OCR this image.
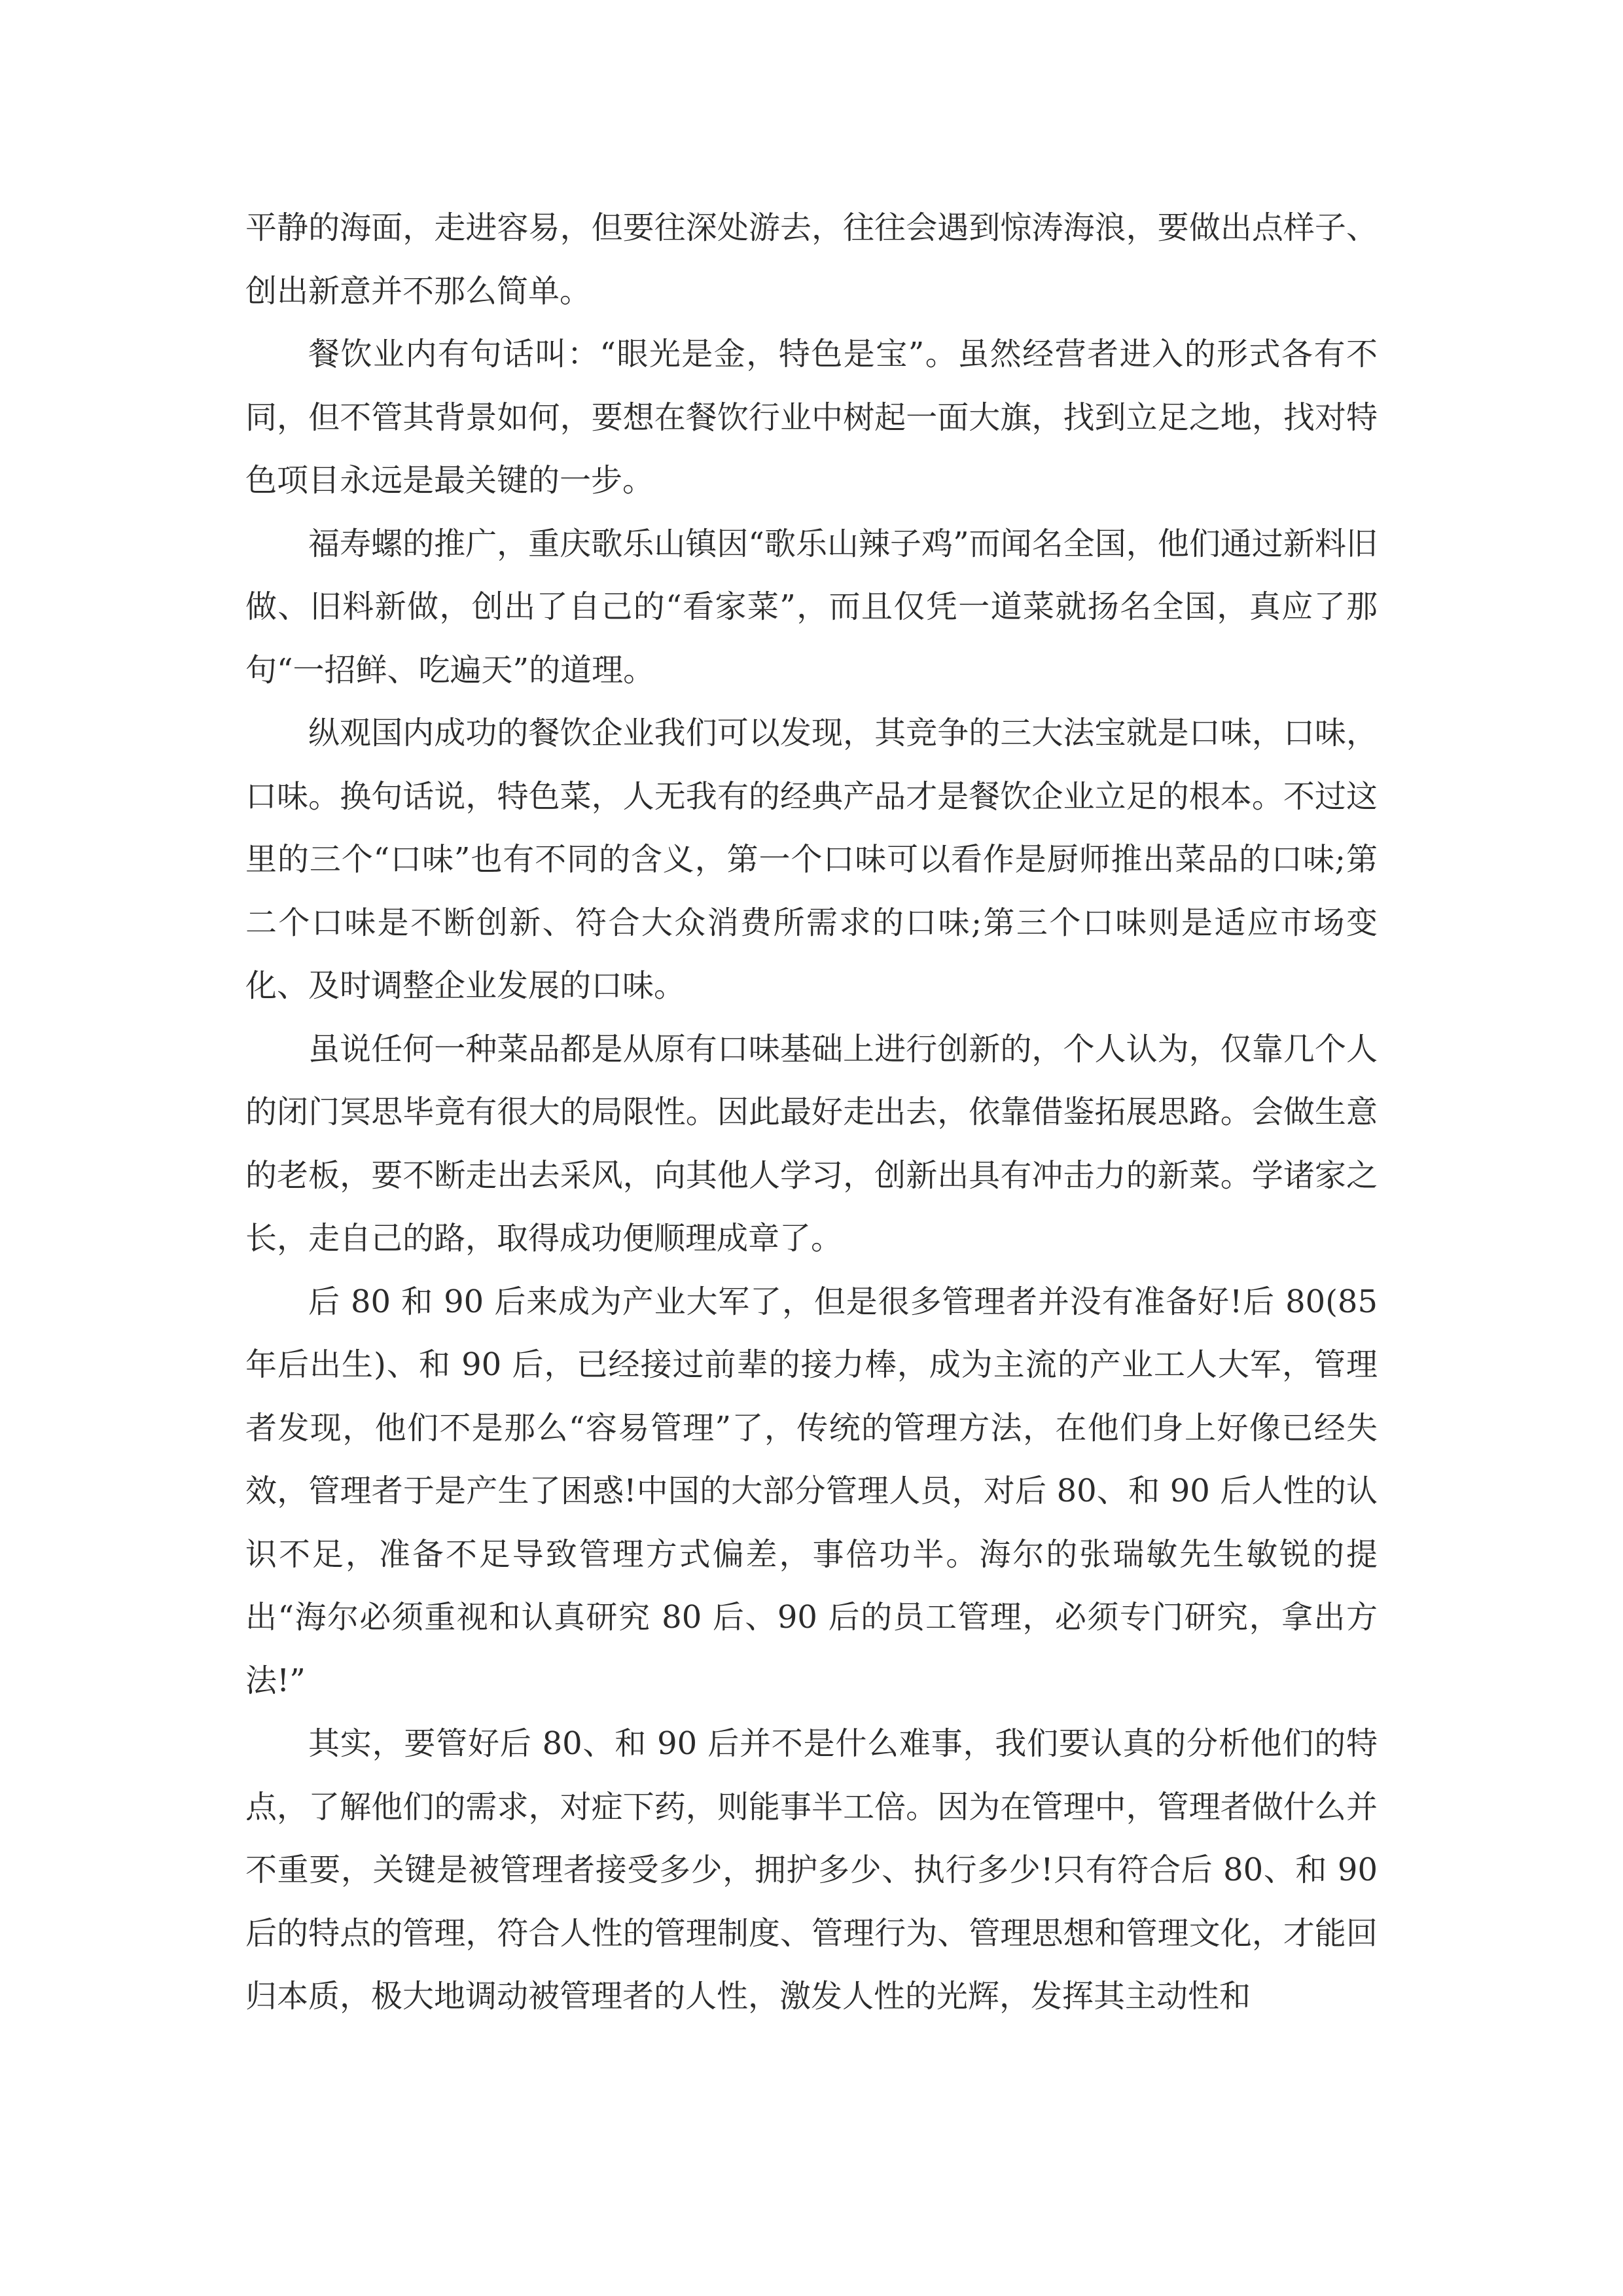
平静的海面，走进容易，但要往深处游去，往往会遇到惊涛海浪，要做出点样子、创出新意并不那么简单。

餐饮业内有句话叫：“眼光是金，特色是宝”。虽然经营者进入的形式各有不同，但不管其背景如何，要想在餐饮行业中树起一面大旗，找到立足之地，找对特色项目永远是最关键的一步。

福寿螺的推广，重庆歌乐山镇因“歌乐山辣子鸡”而闻名全国，他们通过新料旧做、旧料新做，创出了自己的“看家菜”，而且仅凭一道菜就扬名全国，真应了那句“一招鲜、吃遍天”的道理。

纵观国内成功的餐饮企业我们可以发现，其竞争的三大法宝就是口味，口味，口味。换句话说，特色菜，人无我有的经典产品才是餐饮企业立足的根本。不过这里的三个“口味”也有不同的含义，第一个口味可以看作是厨师推出菜品的口味;第二个口味是不断创新、符合大众消费所需求的口味;第三个口味则是适应市场变化、及时调整企业发展的口味。

虽说任何一种菜品都是从原有口味基础上进行创新的，个人认为，仅靠几个人的闭门冥思毕竟有很大的局限性。因此最好走出去，依靠借鉴拓展思路。会做生意的老板，要不断走出去采风，向其他人学习，创新出具有冲击力的新菜。学诸家之长，走自己的路，取得成功便顺理成章了。

后 80 和 90 后来成为产业大军了，但是很多管理者并没有准备好!后 80(85 年后出生)、和 90 后，已经接过前辈的接力棒，成为主流的产业工人大军，管理者发现，他们不是那么“容易管理”了，传统的管理方法，在他们身上好像已经失效，管理者于是产生了困惑!中国的大部分管理人员，对后 80、和 90 后人性的认识不足，准备不足导致管理方式偏差，事倍功半。海尔的张瑞敏先生敏锐的提出“海尔必须重视和认真研究 80 后、90 后的员工管理，必须专门研究，拿出方法!”

其实，要管好后 80、和 90 后并不是什么难事，我们要认真的分析他们的特点，了解他们的需求，对症下药，则能事半工倍。因为在管理中，管理者做什么并不重要，关键是被管理者接受多少，拥护多少、执行多少!只有符合后 80、和 90 后的特点的管理，符合人性的管理制度、管理行为、管理思想和管理文化，才能回归本质，极大地调动被管理者的人性，激发人性的光辉，发挥其主动性和
